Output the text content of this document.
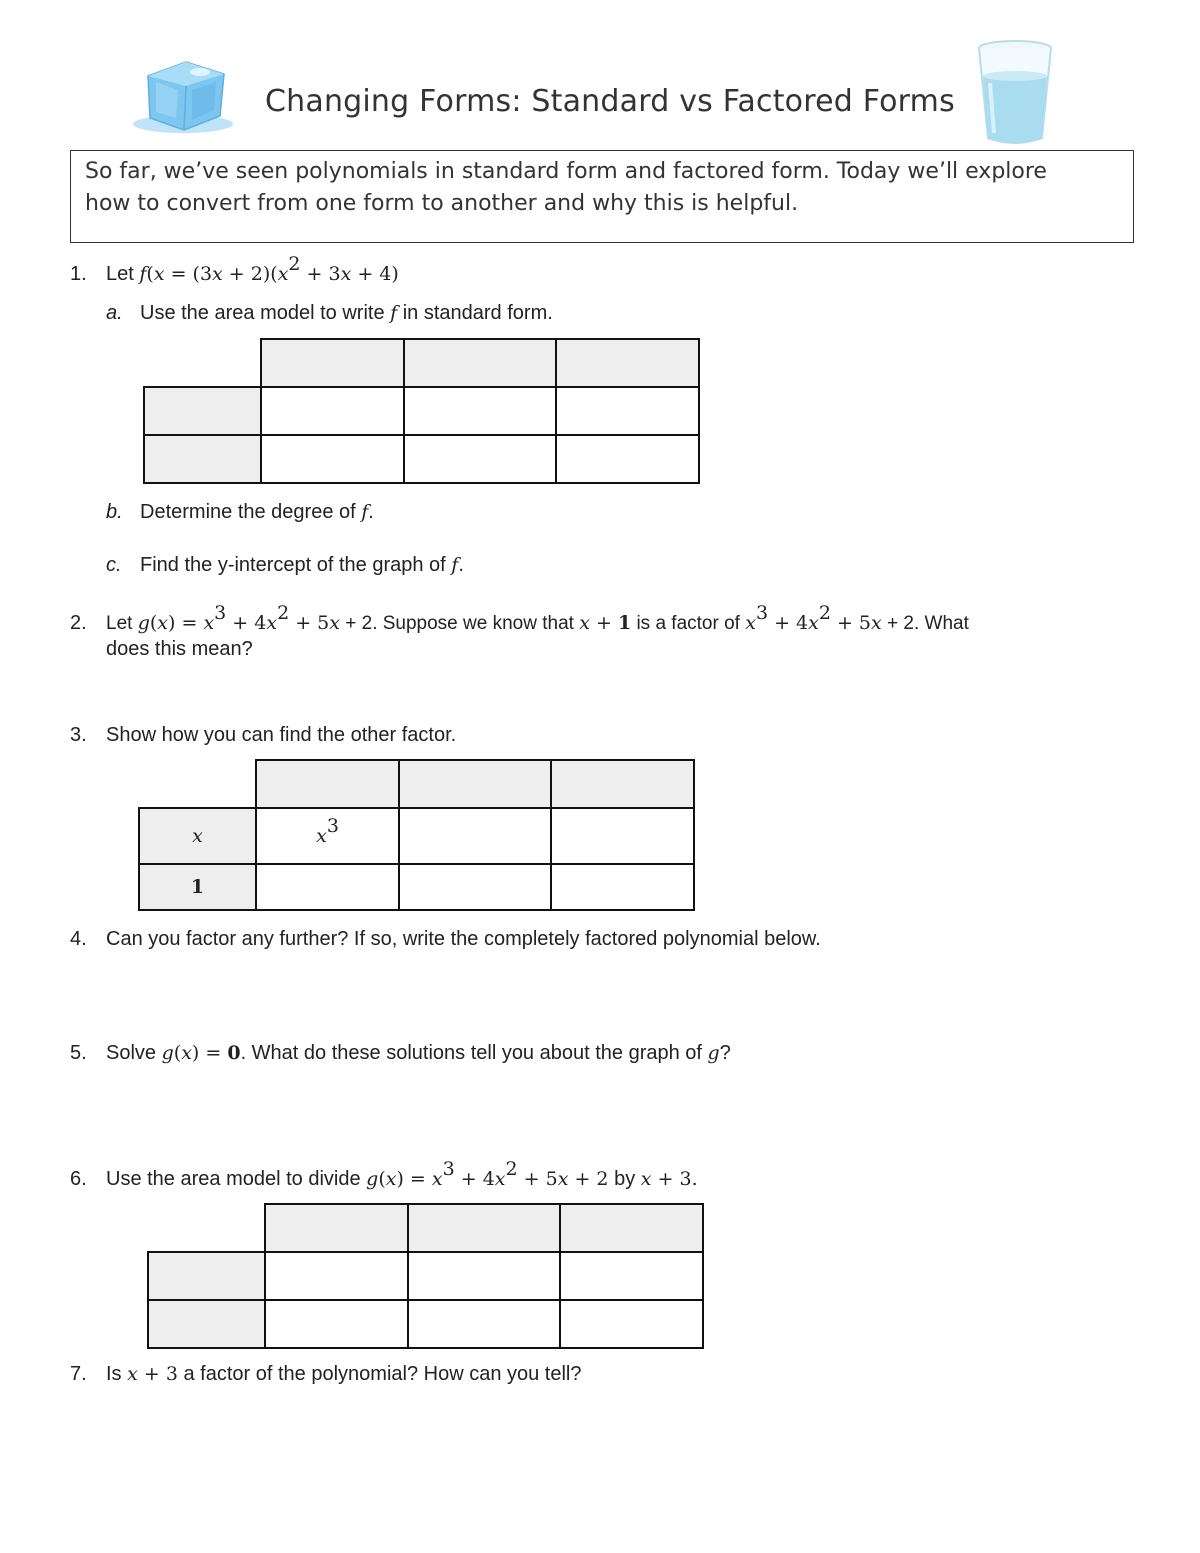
Changing Forms: Standard vs Factored Forms
So far, we’ve seen polynomials in standard form and factored form. Today we’ll explore
how to convert from one form to another and why this is helpful.
1. Let $f(x = (3x + 2)(x^2 + 3x + 4)$
a. Use the area model to write f in standard form.

b. Determine the degree of f.
c. Find the y-intercept of the graph of f.
2. Let $g(x) = x^3 + 4x^2 + 5x + 2$. Suppose we know that x + 1 is a factor of $x^3 + 4x^2 + 5x + 2$. What
does this mean?
3. Show how you can find the other factor.

x	$x^3$		
1			
4. Can you factor any further? If so, write the completely factored polynomial below.
5. Solve g(x) = 0. What do these solutions tell you about the graph of g?
6. Use the area model to divide $g(x) = x^3 + 4x^2 + 5x + 2$ by x + 3.

7. Is x + 3 a factor of the polynomial? How can you tell?
